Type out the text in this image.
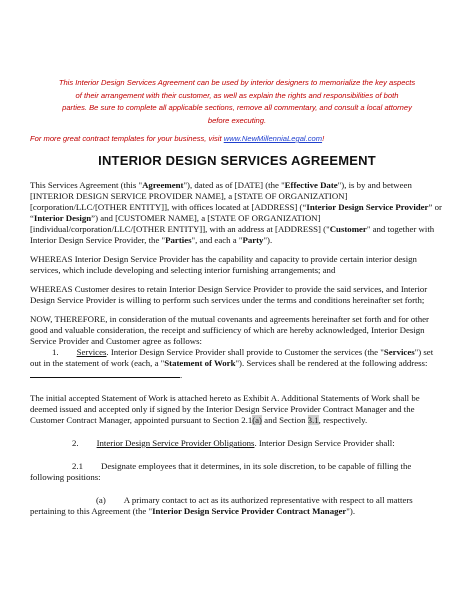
This Interior Design Services Agreement can be used by interior designers to memorialize the key aspects
of their arrangement with their customer, as well as explain the rights and responsibilities of both
parties. Be sure to complete all applicable sections, remove all commentary, and consult a local attorney
before executing.
For more great contract templates for your business, visit www.NewMillenniaLegal.com!
INTERIOR DESIGN SERVICES AGREEMENT

This Services Agreement (this "Agreement"), dated as of [DATE] (the "Effective Date"), is by and between [INTERIOR DESIGN SERVICE PROVIDER NAME], a [STATE OF ORGANIZATION] [corporation/LLC/[OTHER ENTITY]], with offices located at [ADDRESS] (“Interior Design Service Provider” or “Interior Design”) and [CUSTOMER NAME], a [STATE OF ORGANIZATION] [individual/corporation/LLC/[OTHER ENTITY]], with an address at [ADDRESS] ("Customer" and together with Interior Design Service Provider, the "Parties", and each a "Party").

WHEREAS Interior Design Service Provider has the capability and capacity to provide certain interior design services, which include developing and selecting interior furnishing arrangements; and

WHEREAS Customer desires to retain Interior Design Service Provider to provide the said services, and Interior Design Service Provider is willing to perform such services under the terms and conditions hereinafter set forth;

NOW, THEREFORE, in consideration of the mutual covenants and agreements hereinafter set forth and for other good and valuable consideration, the receipt and sufficiency of which are hereby acknowledged, Interior Design Service Provider and Customer agree as follows:

1. Services. Interior Design Service Provider shall provide to Customer the services (the "Services") set out in the statement of work (each, a "Statement of Work"). Services shall be rendered at the following address: .

The initial accepted Statement of Work is attached hereto as Exhibit A. Additional Statements of Work shall be deemed issued and accepted only if signed by the Interior Design Service Provider Contract Manager and the Customer Contract Manager, appointed pursuant to Section 2.1(a) and Section 3.1, respectively.

2. Interior Design Service Provider Obligations. Interior Design Service Provider shall:

2.1 Designate employees that it determines, in its sole discretion, to be capable of filling the following positions:

(a) A primary contact to act as its authorized representative with respect to all matters pertaining to this Agreement (the "Interior Design Service Provider Contract Manager").
